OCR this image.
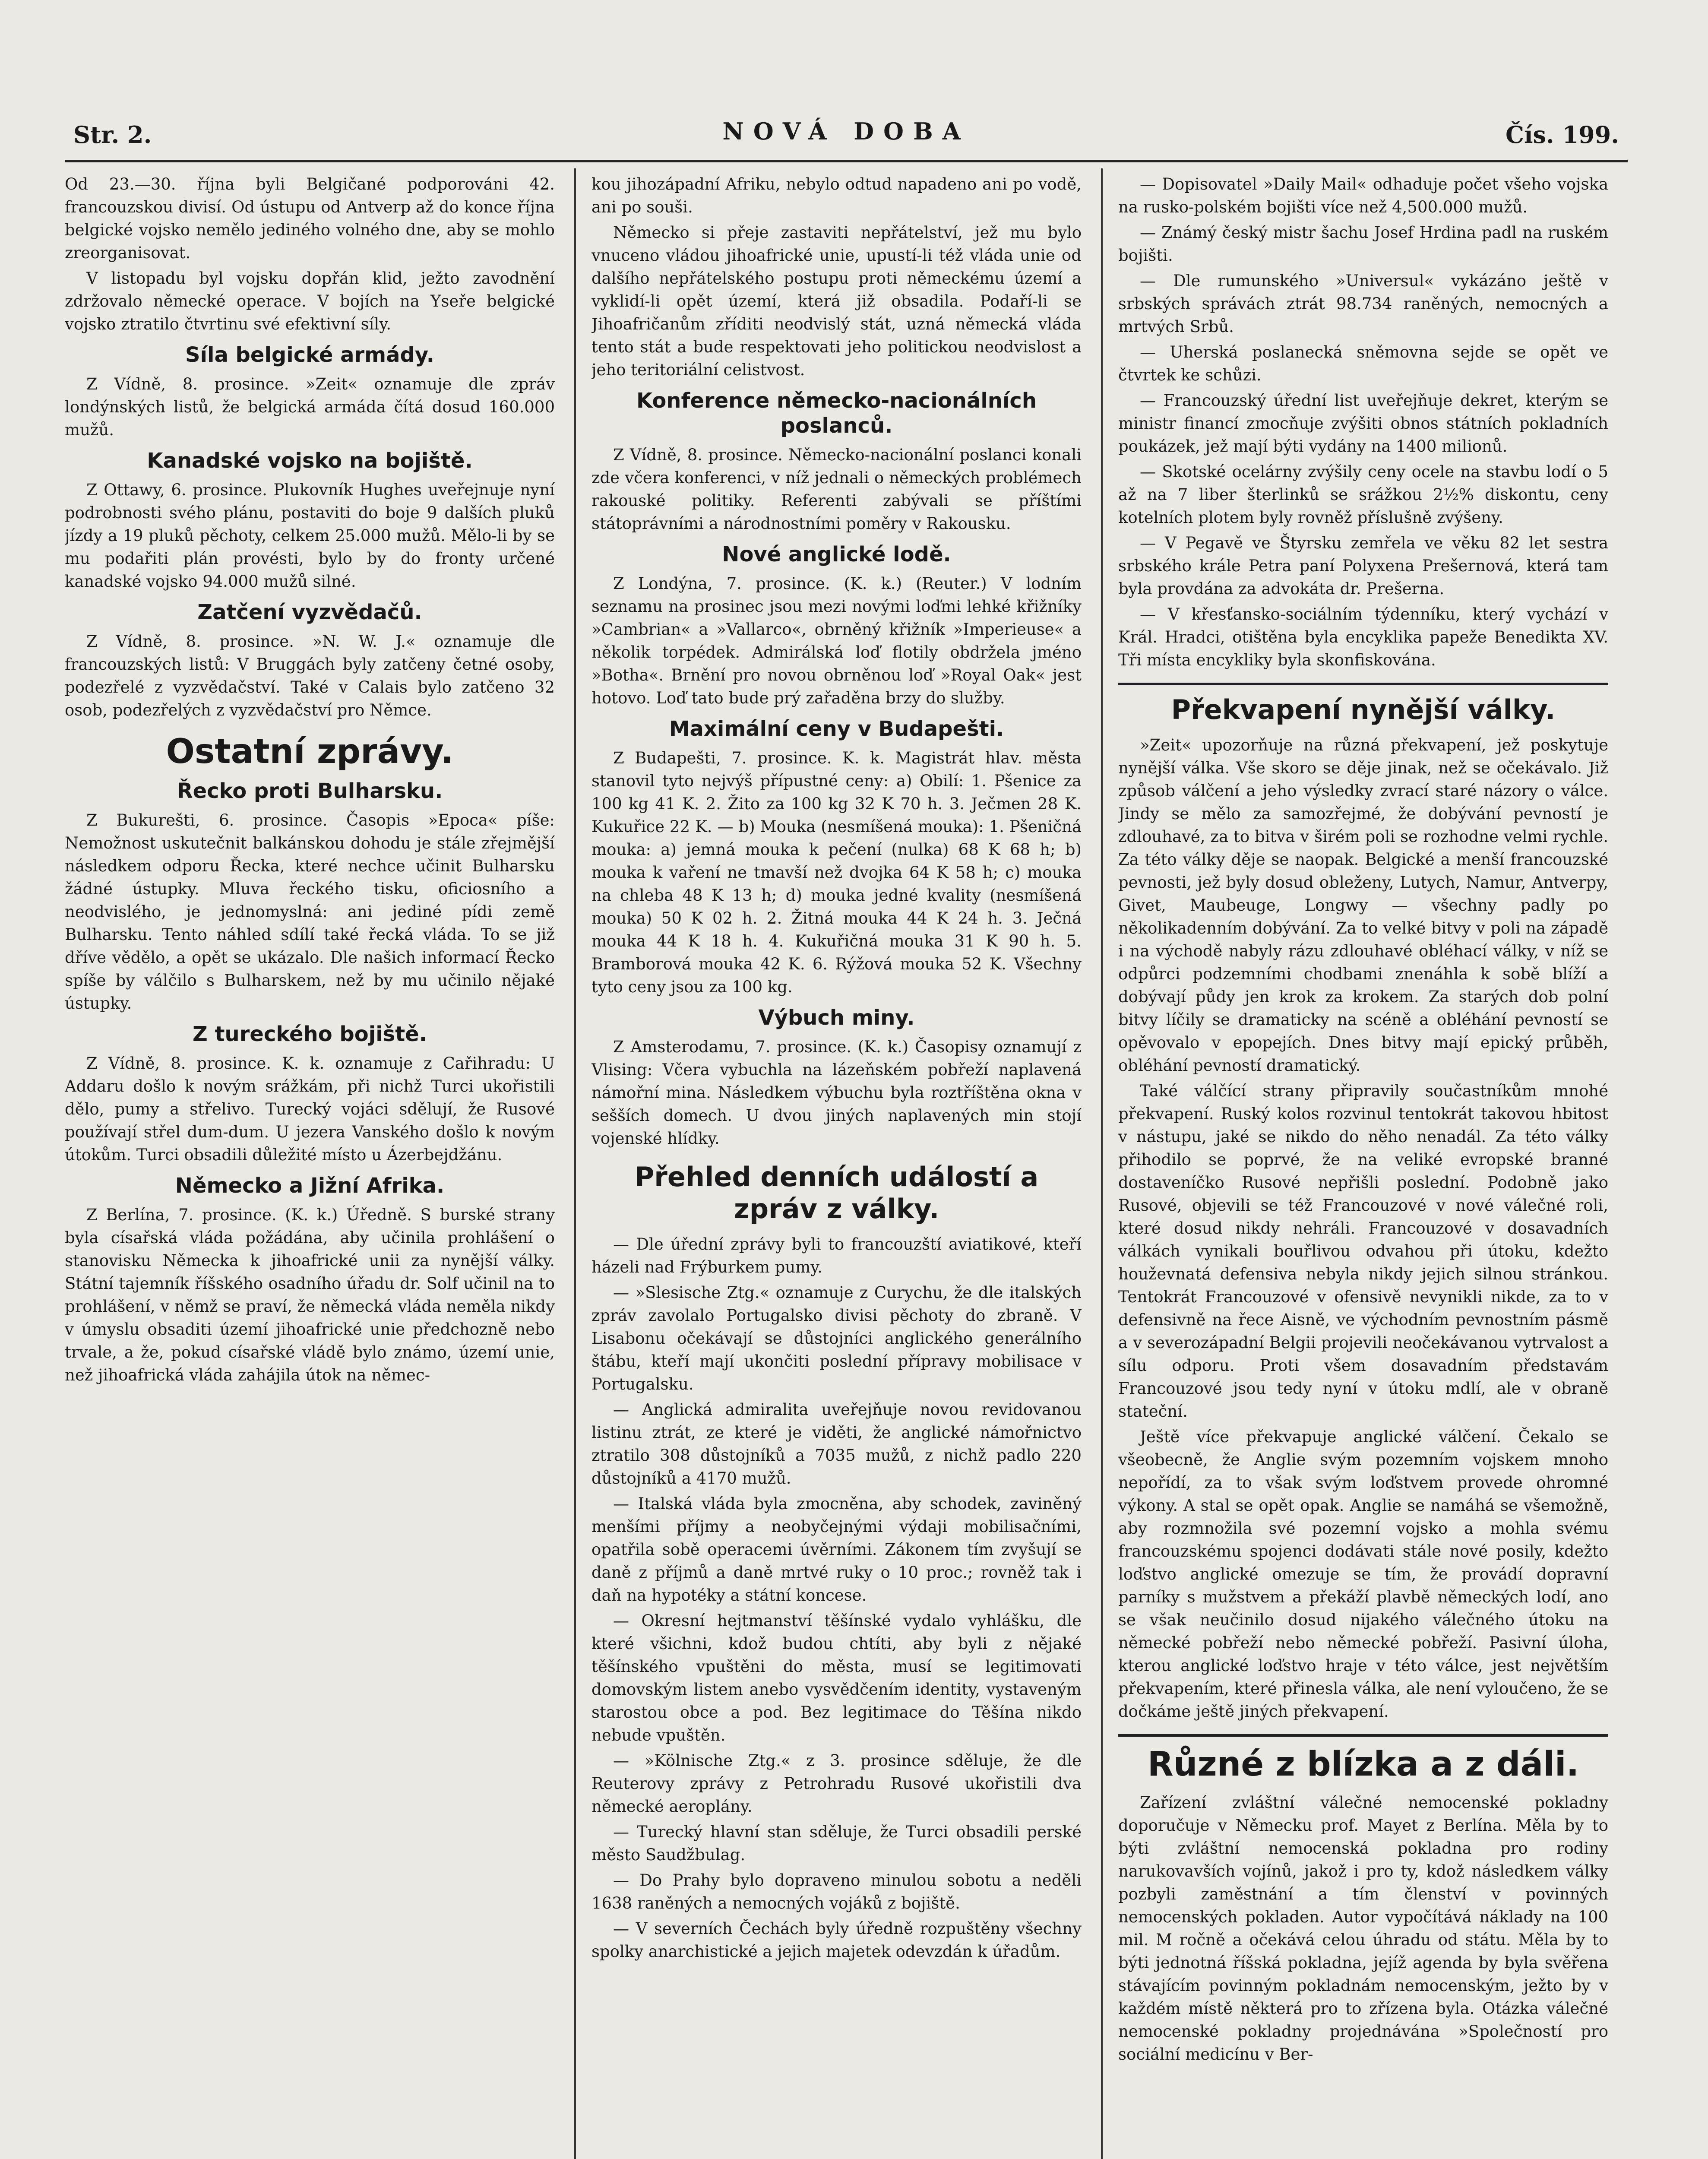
Str. 2.	NOVÁ DOBA	Čís. 199.

Od 23.—30. října byli Belgičané podporováni 42. francouzskou divisí. Od ústupu od Antverp až do konce října belgické vojsko nemělo jediného volného dne, aby se mohlo zreorganisovat.

V listopadu byl vojsku dopřán klid, ježto zavodnění zdržovalo německé operace. V bojích na Yseře belgické vojsko ztratilo čtvrtinu své efektivní síly.

Síla belgické armády.

Z Vídně, 8. prosince. »Zeit« oznamuje dle zpráv londýnských listů, že belgická armáda čítá dosud 160.000 mužů.

Kanadské vojsko na bojiště.

Z Ottawy, 6. prosince. Plukovník Hughes uveřejnuje nyní podrobnosti svého plánu, postaviti do boje 9 dalších pluků jízdy a 19 pluků pěchoty, celkem 25.000 mužů. Mělo-li by se mu podařiti plán provésti, bylo by do fronty určené kanadské vojsko 94.000 mužů silné.

Zatčení vyzvědačů.

Z Vídně, 8. prosince. »N. W. J.« oznamuje dle francouzských listů: V Bruggách byly zatčeny četné osoby, podezřelé z vyzvědačství. Také v Calais bylo zatčeno 32 osob, podezřelých z vyzvědačství pro Němce.

Ostatní zprávy.
Řecko proti Bulharsku.

Z Bukurešti, 6. prosince. Časopis »Epoca« píše: Nemožnost uskutečnit balkánskou dohodu je stále zřejmější následkem odporu Řecka, které nechce učinit Bulharsku žádné ústupky. Mluva řeckého tisku, oficiosního a neodvislého, je jednomyslná: ani jediné pídi země Bulharsku. Tento náhled sdílí také řecká vláda. To se již dříve vědělo, a opět se ukázalo. Dle našich informací Řecko spíše by válčilo s Bulharskem, než by mu učinilo nějaké ústupky.

Z tureckého bojiště.

Z Vídně, 8. prosince. K. k. oznamuje z Cařihradu: U Addaru došlo k novým srážkám, při nichž Turci ukořistili dělo, pumy a střelivo. Turecký vojáci sdělují, že Rusové používají střel dum-dum. U jezera Vanského došlo k novým útokům. Turci obsadili důležité místo u Ázerbejdžánu.

Německo a Jižní Afrika.

Z Berlína, 7. prosince. (K. k.) Úředně. S burské strany byla císařská vláda požádána, aby učinila prohlášení o stanovisku Německa k jihoafrické unii za nynější války. Státní tajemník říšského osadního úřadu dr. Solf učinil na to prohlášení, v němž se praví, že německá vláda neměla nikdy v úmyslu obsaditi území jihoafrické unie předchozně nebo trvale, a že, pokud císařské vládě bylo známo, území unie, než jihoafrická vláda zahájila útok na němec-

kou jihozápadní Afriku, nebylo odtud napadeno ani po vodě, ani po souši.

Německo si přeje zastaviti nepřátelství, jež mu bylo vnuceno vládou jihoafrické unie, upustí-li též vláda unie od dalšího nepřátelského postupu proti německému území a vyklidí-li opět území, která již obsadila. Podaří-li se Jihoafričanům zříditi neodvislý stát, uzná německá vláda tento stát a bude respektovati jeho politickou neodvislost a jeho teritoriální celistvost.

Konference německo-nacionálních poslanců.

Z Vídně, 8. prosince. Německo-nacionální poslanci konali zde včera konferenci, v níž jednali o německých problémech rakouské politiky. Referenti zabývali se příštími státoprávními a národnostními poměry v Rakousku.

Nové anglické lodě.

Z Londýna, 7. prosince. (K. k.) (Reuter.) V lodním seznamu na prosinec jsou mezi novými loďmi lehké křižníky »Cambrian« a »Vallarco«, obrněný křižník »Imperieuse« a několik torpédek. Admirálská loď flotily obdržela jméno »Botha«. Brnění pro novou obrněnou loď »Royal Oak« jest hotovo. Loď tato bude prý zařaděna brzy do služby.

Maximální ceny v Budapešti.

Z Budapešti, 7. prosince. K. k. Magistrát hlav. města stanovil tyto nejvýš přípustné ceny: a) Obilí: 1. Pšenice za 100 kg 41 K. 2. Žito za 100 kg 32 K 70 h. 3. Ječmen 28 K. Kukuřice 22 K. — b) Mouka (nesmíšená mouka): 1. Pšeničná mouka: a) jemná mouka k pečení (nulka) 68 K 68 h; b) mouka k vaření ne tmavší než dvojka 64 K 58 h; c) mouka na chleba 48 K 13 h; d) mouka jedné kvality (nesmíšená mouka) 50 K 02 h. 2. Žitná mouka 44 K 24 h. 3. Ječná mouka 44 K 18 h. 4. Kukuřičná mouka 31 K 90 h. 5. Bramborová mouka 42 K. 6. Rýžová mouka 52 K. Všechny tyto ceny jsou za 100 kg.

Výbuch miny.

Z Amsterodamu, 7. prosince. (K. k.) Časopisy oznamují z Vlising: Včera vybuchla na lázeňském pobřeží naplavená námořní mina. Následkem výbuchu byla roztříštěna okna v sešších domech. U dvou jiných naplavených min stojí vojenské hlídky.

Přehled denních událostí a zpráv z války.

— Dle úřední zprávy byli to francouzští aviatikové, kteří házeli nad Frýburkem pumy.

— »Slesische Ztg.« oznamuje z Curychu, že dle italských zpráv zavolalo Portugalsko divisi pěchoty do zbraně. V Lisabonu očekávají se důstojníci anglického generálního štábu, kteří mají ukončiti poslední přípravy mobilisace v Portugalsku.

— Anglická admiralita uveřejňuje novou revidovanou listinu ztrát, ze které je viděti, že anglické námořnictvo ztratilo 308 důstojníků a 7035 mužů, z nichž padlo 220 důstojníků a 4170 mužů.

— Italská vláda byla zmocněna, aby schodek, zaviněný menšími příjmy a neobyčejnými výdaji mobilisačními, opatřila sobě operacemi úvěrními. Zákonem tím zvyšují se daně z příjmů a daně mrtvé ruky o 10 proc.; rovněž tak i daň na hypotéky a státní koncese.

— Okresní hejtmanství těšínské vydalo vyhlášku, dle které všichni, kdož budou chtíti, aby byli z nějaké těšínského vpuštěni do města, musí se legitimovati domovským listem anebo vysvědčením identity, vystaveným starostou obce a pod. Bez legitimace do Těšína nikdo nebude vpuštěn.

— »Kölnische Ztg.« z 3. prosince sděluje, že dle Reuterovy zprávy z Petrohradu Rusové ukořistili dva německé aeroplány.

— Turecký hlavní stan sděluje, že Turci obsadili perské město Saudžbulag.

— Do Prahy bylo dopraveno minulou sobotu a neděli 1638 raněných a nemocných vojáků z bojiště.

— V severních Čechách byly úředně rozpuštěny všechny spolky anarchistické a jejich majetek odevzdán k úřadům.

— Dopisovatel »Daily Mail« odhaduje počet všeho vojska na rusko-polském bojišti více než 4,500.000 mužů.

— Známý český mistr šachu Josef Hrdina padl na ruském bojišti.

— Dle rumunského »Universul« vykázáno ještě v srbských správách ztrát 98.734 raněných, nemocných a mrtvých Srbů.

— Uherská poslanecká sněmovna sejde se opět ve čtvrtek ke schůzi.

— Francouzský úřední list uveřejňuje dekret, kterým se ministr financí zmocňuje zvýšiti obnos státních pokladních poukázek, jež mají býti vydány na 1400 milionů.

— Skotské ocelárny zvýšily ceny ocele na stavbu lodí o 5 až na 7 liber šterlinků se srážkou 2½% diskontu, ceny kotelních plotem byly rovněž příslušně zvýšeny.

— V Pegavě ve Štyrsku zemřela ve věku 82 let sestra srbského krále Petra paní Polyxena Prešernová, která tam byla provdána za advokáta dr. Prešerna.

— V křesťansko-sociálním týdenníku, který vychází v Král. Hradci, otištěna byla encyklika papeže Benedikta XV. Tři místa encykliky byla skonfiskována.

Překvapení nynější války.

»Zeit« upozorňuje na různá překvapení, jež poskytuje nynější válka. Vše skoro se děje jinak, než se očekávalo. Již způsob válčení a jeho výsledky zvrací staré názory o válce. Jindy se mělo za samozřejmé, že dobývání pevností je zdlouhavé, za to bitva v širém poli se rozhodne velmi rychle. Za této války děje se naopak. Belgické a menší francouzské pevnosti, jež byly dosud obleženy, Lutych, Namur, Antverpy, Givet, Maubeuge, Longwy — všechny padly po několikadenním dobývání. Za to velké bitvy v poli na západě i na východě nabyly rázu zdlouhavé obléhací války, v níž se odpůrci podzemními chodbami znenáhla k sobě blíží a dobývají půdy jen krok za krokem. Za starých dob polní bitvy líčily se dramaticky na scéně a obléhání pevností se opěvovalo v epopejích. Dnes bitvy mají epický průběh, obléhání pevností dramatický.

Také válčící strany připravily součastníkům mnohé překvapení. Ruský kolos rozvinul tentokrát takovou hbitost v nástupu, jaké se nikdo do něho nenadál. Za této války přihodilo se poprvé, že na veliké evropské branné dostaveníčko Rusové nepřišli poslední. Podobně jako Rusové, objevili se též Francouzové v nové válečné roli, které dosud nikdy nehráli. Francouzové v dosavadních válkách vynikali bouřlivou odvahou při útoku, kdežto houževnatá defensiva nebyla nikdy jejich silnou stránkou. Tentokrát Francouzové v ofensivě nevynikli nikde, za to v defensivně na řece Aisně, ve východním pevnostním pásmě a v severozápadní Belgii projevili neočekávanou vytrvalost a sílu odporu. Proti všem dosavadním představám Francouzové jsou tedy nyní v útoku mdlí, ale v obraně stateční.

Ještě více překvapuje anglické válčení. Čekalo se všeobecně, že Anglie svým pozemním vojskem mnoho nepořídí, za to však svým loďstvem provede ohromné výkony. A stal se opět opak. Anglie se namáhá se všemožně, aby rozmnožila své pozemní vojsko a mohla svému francouzskému spojenci dodávati stále nové posily, kdežto loďstvo anglické omezuje se tím, že provádí dopravní parníky s mužstvem a překáží plavbě německých lodí, ano se však neučinilo dosud nijakého válečného útoku na německé pobřeží nebo německé pobřeží. Pasivní úloha, kterou anglické loďstvo hraje v této válce, jest největším překvapením, které přinesla válka, ale není vyloučeno, že se dočkáme ještě jiných překvapení.

Různé z blízka a z dáli.

Zařízení zvláštní válečné nemocenské pokladny doporučuje v Německu prof. Mayet z Berlína. Měla by to býti zvláštní nemocenská pokladna pro rodiny narukovavších vojínů, jakož i pro ty, kdož následkem války pozbyli zaměstnání a tím členství v povinných nemocenských pokladen. Autor vypočítává náklady na 100 mil. M ročně a očekává celou úhradu od státu. Měla by to býti jednotná říšská pokladna, jejíž agenda by byla svěřena stávajícím povinným pokladnám nemocenským, ježto by v každém místě některá pro to zřízena byla. Otázka válečné nemocenské pokladny projednávána »Společností pro sociální medicínu v Ber-
